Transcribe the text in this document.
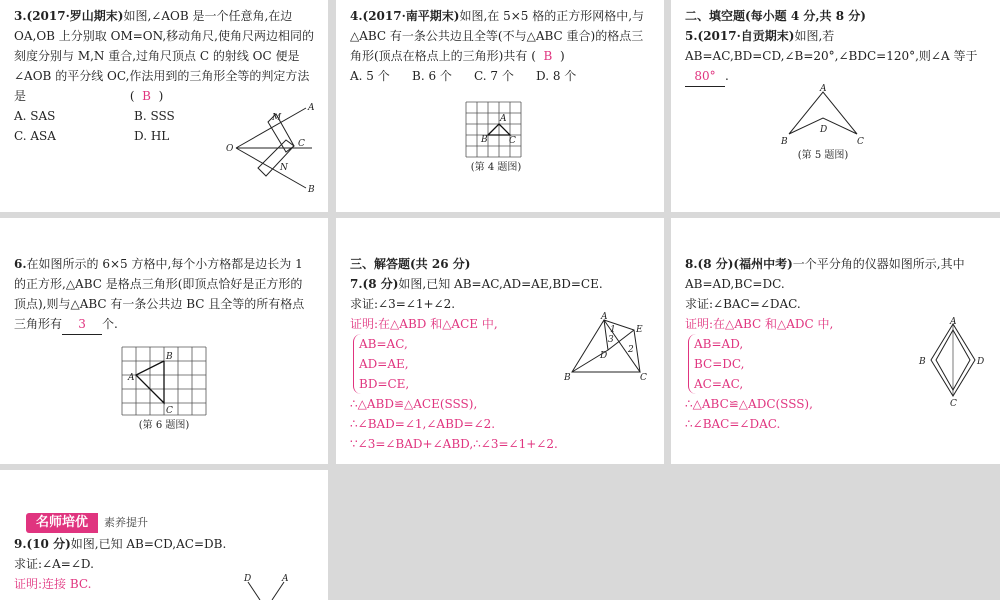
3.(2017·罗山期末)如图,∠AOB 是一个任意角,在边 OA,OB 上分别取 OM=ON,移动角尺,使角尺两边相同的刻度分别与 M,N 重合,过角尺顶点 C 的射线 OC 便是∠AOB 的平分线 OC,作法用到的三角形全等的判定方法是	(  B  )
A. SAS	B. SSS
C. ASA	D. HL
A
M
C
O
N
B
4.(2017·南平期末)如图,在 5×5 格的正方形网格中,与△ABC 有一条公共边且全等(不与△ABC 重合)的格点三角形(顶点在格点上的三角形)共有 (  B  )
A. 5 个 B. 6 个 C. 7 个 D. 8 个
A
B C
(第 4 题图)
二、填空题(每小题 4 分,共 8 分)
5.(2017·自贡期末)如图,若 AB=AC,BD=CD,∠B=20°,∠BDC=120°,则∠A 等于80° .
A
D
B	C
(第 5 题图)
6.在如图所示的 6×5 方格中,每个小方格都是边长为 1 的正方形,△ABC 是格点三角形(即顶点恰好是正方形的顶点),则与△ABC 有一条公共边 BC 且全等的所有格点三角形有 3 个.
B
A
C
(第 6 题图)
三、解答题(共 26 分)
7.(8 分)如图,已知 AB=AC,AD=AE,BD=CE.
求证:∠3=∠1+∠2.
证明:在△ABD 和△ACE 中,
AB=AC,
AD=AE,
BD=CE,
∴△ABD≌△ACE(SSS),
∴∠BAD=∠1,∠ABD=∠2.
∵∠3=∠BAD+∠ABD,∴∠3=∠1+∠2.
A
E
1
3
D
2
B	C
8.(8 分)(福州中考)一个平分角的仪器如图所示,其中 AB=AD,BC=DC.
求证:∠BAC=∠DAC.
证明:在△ABC 和△ADC 中,
AB=AD,
BC=DC,
AC=AC,
∴△ABC≌△ADC(SSS),
∴∠BAC=∠DAC.
A
B	D
C
名师培优 素养提升
9.(10 分)如图,已知 AB=CD,AC=DB.
求证:∠A=∠D.
证明:连接 BC.	D	A
